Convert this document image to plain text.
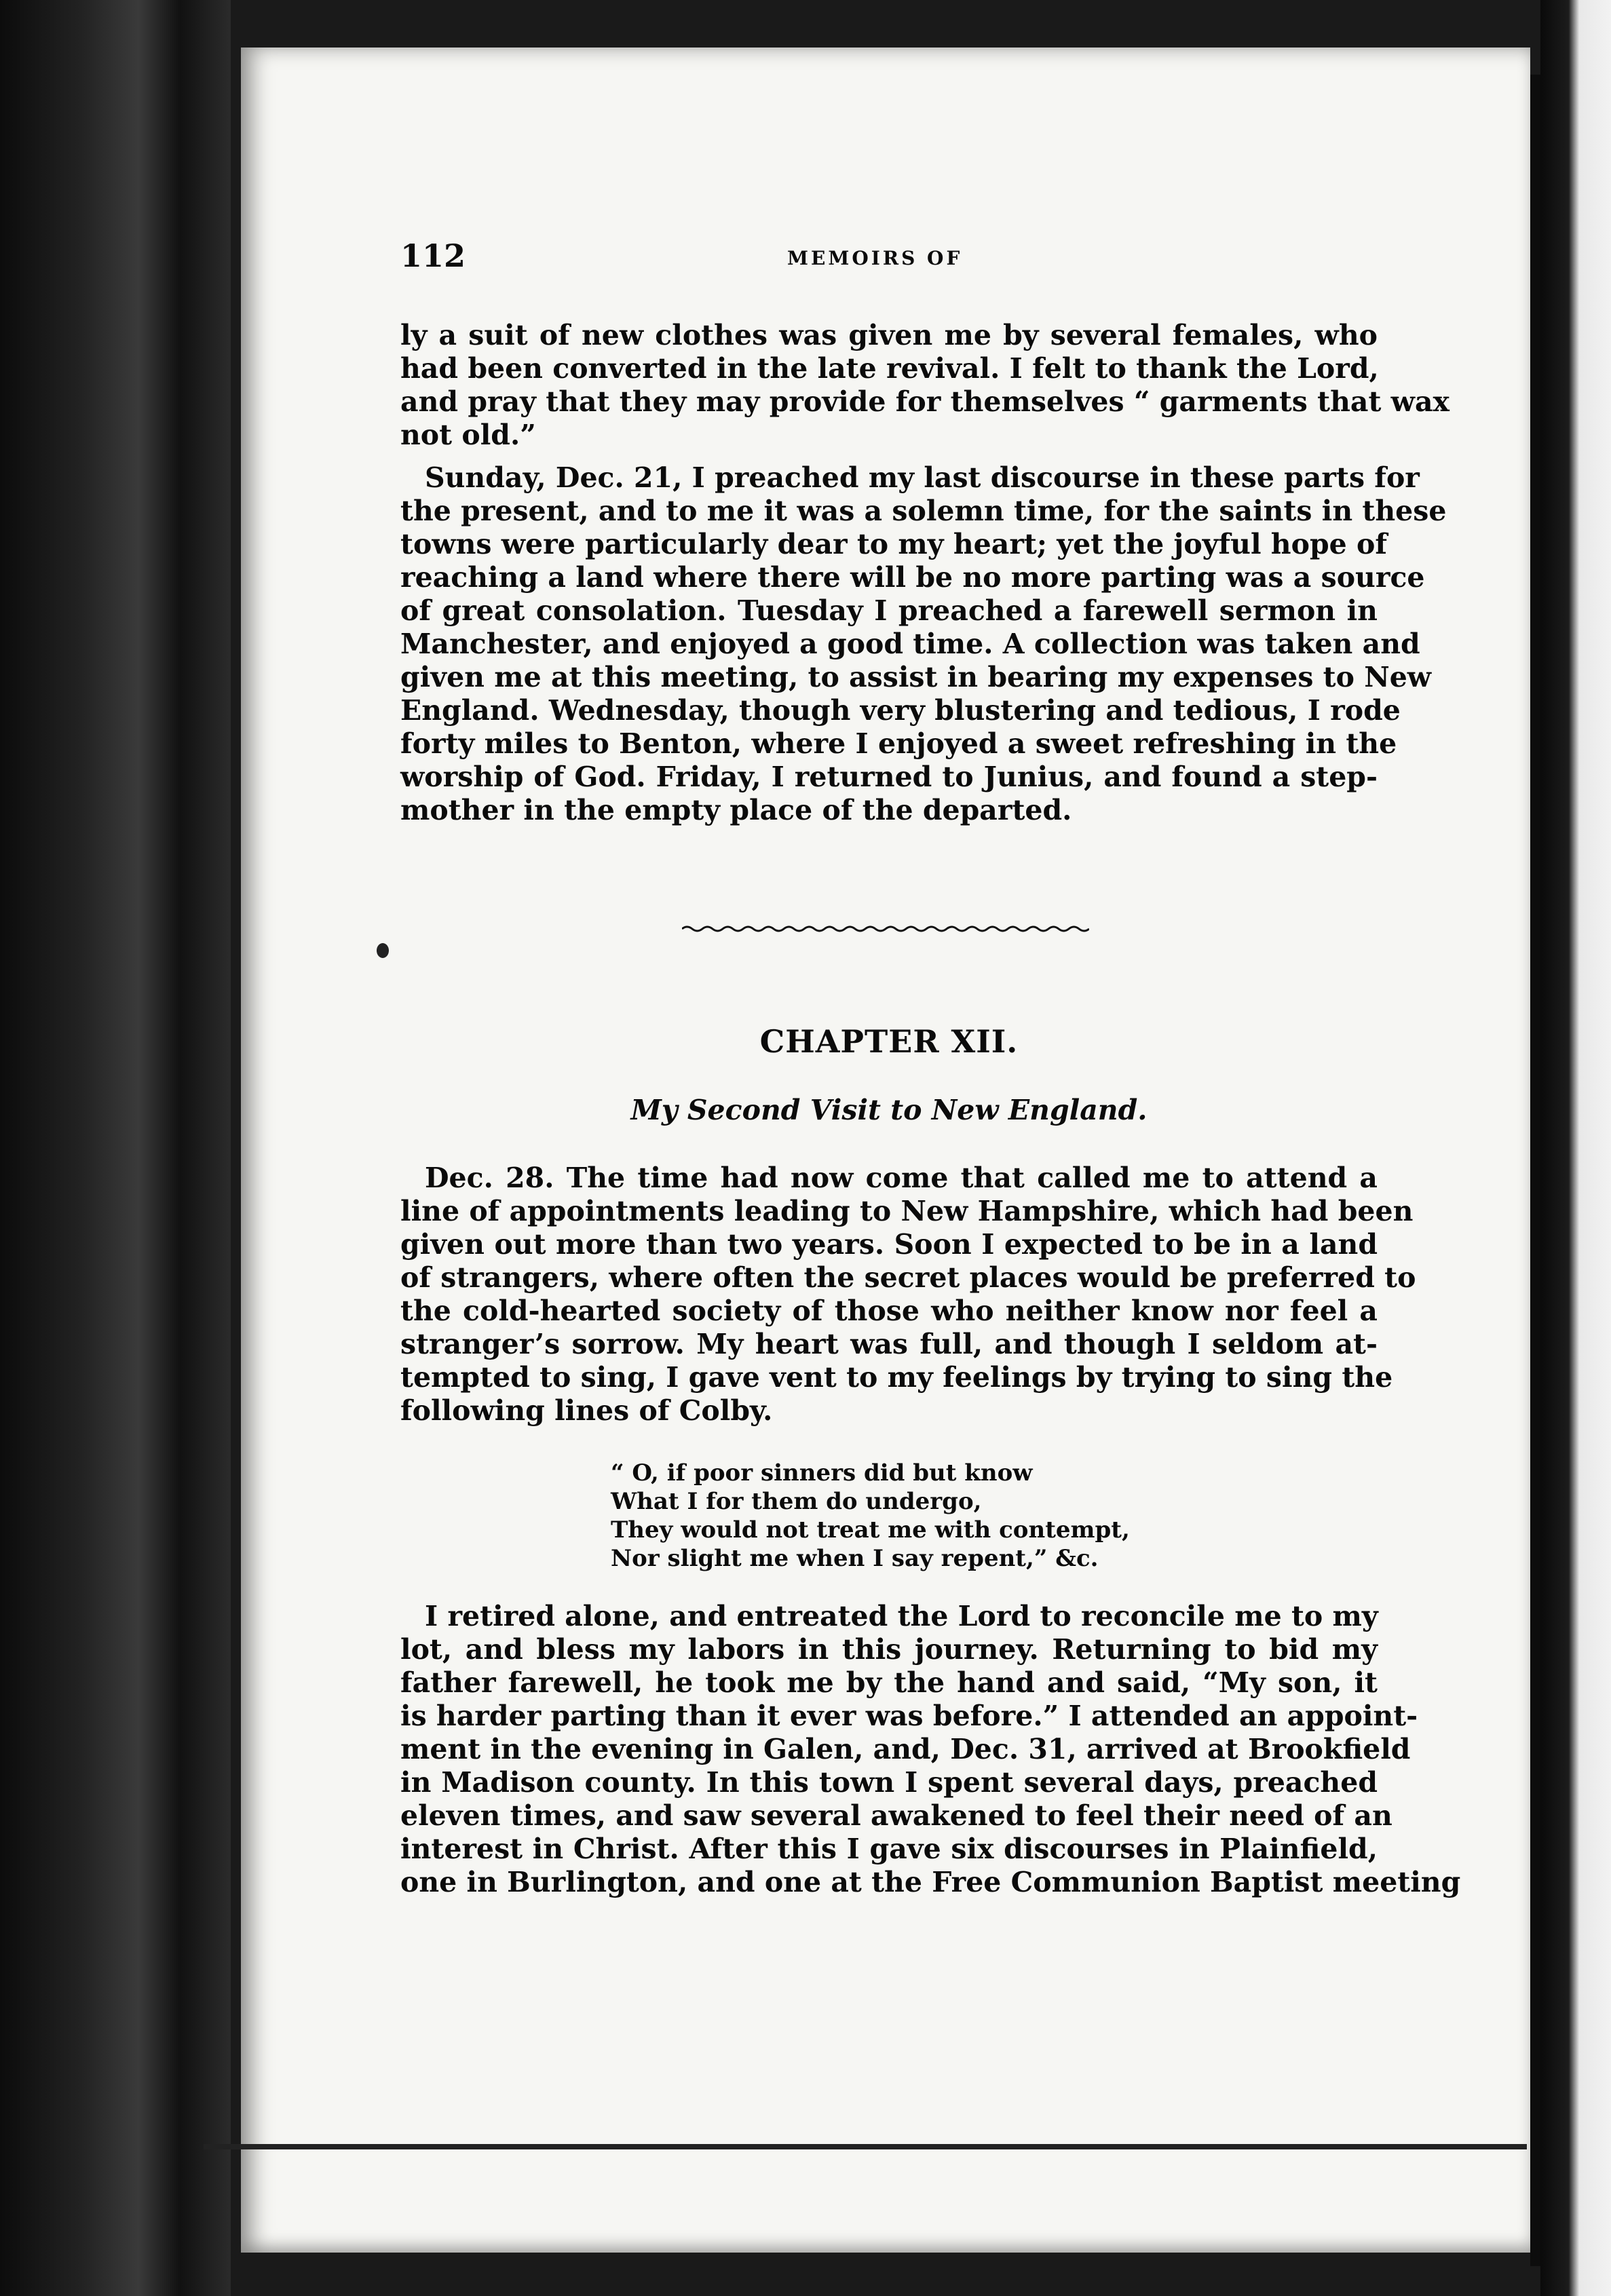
112	MEMOIRS OF
ly a suit of new clothes was given me by several females, who
had been converted in the late revival. I felt to thank the Lord,
and pray that they may provide for themselves “ garments that wax
not old.”
Sunday, Dec. 21, I preached my last discourse in these parts for
the present, and to me it was a solemn time, for the saints in these
towns were particularly dear to my heart; yet the joyful hope of
reaching a land where there will be no more parting was a source
of great consolation. Tuesday I preached a farewell sermon in
Manchester, and enjoyed a good time. A collection was taken and
given me at this meeting, to assist in bearing my expenses to New
England. Wednesday, though very blustering and tedious, I rode
forty miles to Benton, where I enjoyed a sweet refreshing in the
worship of God. Friday, I returned to Junius, and found a step-
mother in the empty place of the departed.
CHAPTER XII.
My Second Visit to New England.
Dec. 28. The time had now come that called me to attend a
line of appointments leading to New Hampshire, which had been
given out more than two years. Soon I expected to be in a land
of strangers, where often the secret places would be preferred to
the cold-hearted society of those who neither know nor feel a
stranger’s sorrow. My heart was full, and though I seldom at-
tempted to sing, I gave vent to my feelings by trying to sing the
following lines of Colby.
“ O, if poor sinners did but know
What I for them do undergo,
They would not treat me with contempt,
Nor slight me when I say repent,” &c.
I retired alone, and entreated the Lord to reconcile me to my
lot, and bless my labors in this journey. Returning to bid my
father farewell, he took me by the hand and said, “My son, it
is harder parting than it ever was before.” I attended an appoint-
ment in the evening in Galen, and, Dec. 31, arrived at Brookfield
in Madison county. In this town I spent several days, preached
eleven times, and saw several awakened to feel their need of an
interest in Christ. After this I gave six discourses in Plainfield,
one in Burlington, and one at the Free Communion Baptist meeting
